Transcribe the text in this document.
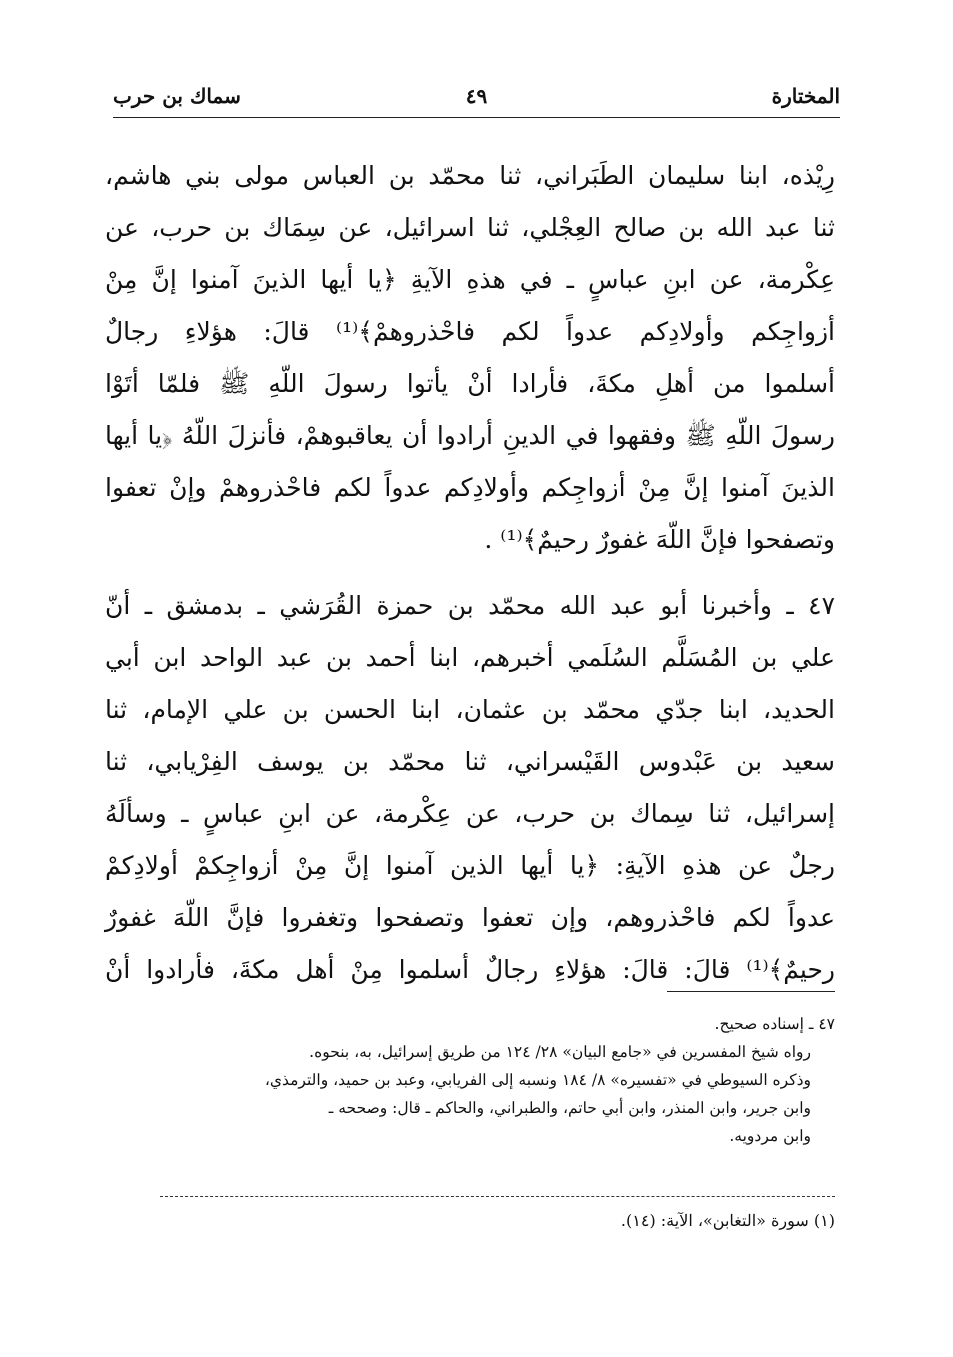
المختارة
٤٩
سماك بن حرب

رِيْذه، ابنا سليمان الطَبَراني، ثنا محمّد بن العباس مولى بني هاشم،
ثنا عبد الله بن صالح العِجْلي، ثنا اسرائيل، عن سِمَاك بن حرب، عن
عِكْرمة، عن ابنِ عباسٍ ـ في هذهِ الآيةِ ﴿يا أيها الذينَ آمنوا إنَّ مِنْ
أزواجِكم وأولادِكم عدواً لكم فاحْذروهمْ﴾⁽¹⁾ قالَ: هؤلاءِ رجالٌ
أسلموا من أهلِ مكةَ، فأرادا أنْ يأتوا رسولَ اللّهِ ﷺ فلمّا أتَوْا
رسولَ اللّهِ ﷺ وفقهوا في الدينِ أرادوا أن يعاقبوهمْ، فأنزلَ اللّهُ ﴿يا أيها
الذينَ آمنوا إنَّ مِنْ أزواجِكم وأولادِكم عدواً لكم فاحْذروهمْ وإنْ تعفوا
وتصفحوا فإنَّ اللّهَ غفورٌ رحيمٌ﴾⁽¹⁾ .

٤٧ ـ وأخبرنا أبو عبد الله محمّد بن حمزة القُرَشي ـ بدمشق ـ أنّ
علي بن المُسَلَّم السُلَمي أخبرهم، ابنا أحمد بن عبد الواحد ابن أبي
الحديد، ابنا جدّي محمّد بن عثمان، ابنا الحسن بن علي الإمام، ثنا
سعيد بن عَبْدوس القَيْسراني، ثنا محمّد بن يوسف الفِرْيابي، ثنا
إسرائيل، ثنا سِماك بن حرب، عن عِكْرمة، عن ابنِ عباسٍ ـ وسألَهُ
رجلٌ عن هذهِ الآيةِ: ﴿يا أيها الذين آمنوا إنَّ مِنْ أزواجِكمْ أولادِكمْ
عدواً لكم فاحْذروهم، وإن تعفوا وتصفحوا وتغفروا فإنَّ اللّهَ غفورٌ
رحيمٌ﴾⁽¹⁾ قالَ: قالَ: هؤلاءِ رجالٌ أسلموا مِنْ أهل مكةَ، فأرادوا أنْ

٤٧ ـ إسناده صحيح.

رواه شيخ المفسرين في «جامع البيان» ٢٨/ ١٢٤ من طريق إسرائيل، به، بنحوه.
وذكره السيوطي في «تفسيره» ٨/ ١٨٤ ونسبه إلى الفريابي، وعبد بن حميد، والترمذي،
وابن جرير، وابن المنذر، وابن أبي حاتم، والطبراني، والحاكم ـ قال: وصححه ـ
وابن مردويه.
(١) سورة «التغابن»، الآية: (١٤).
